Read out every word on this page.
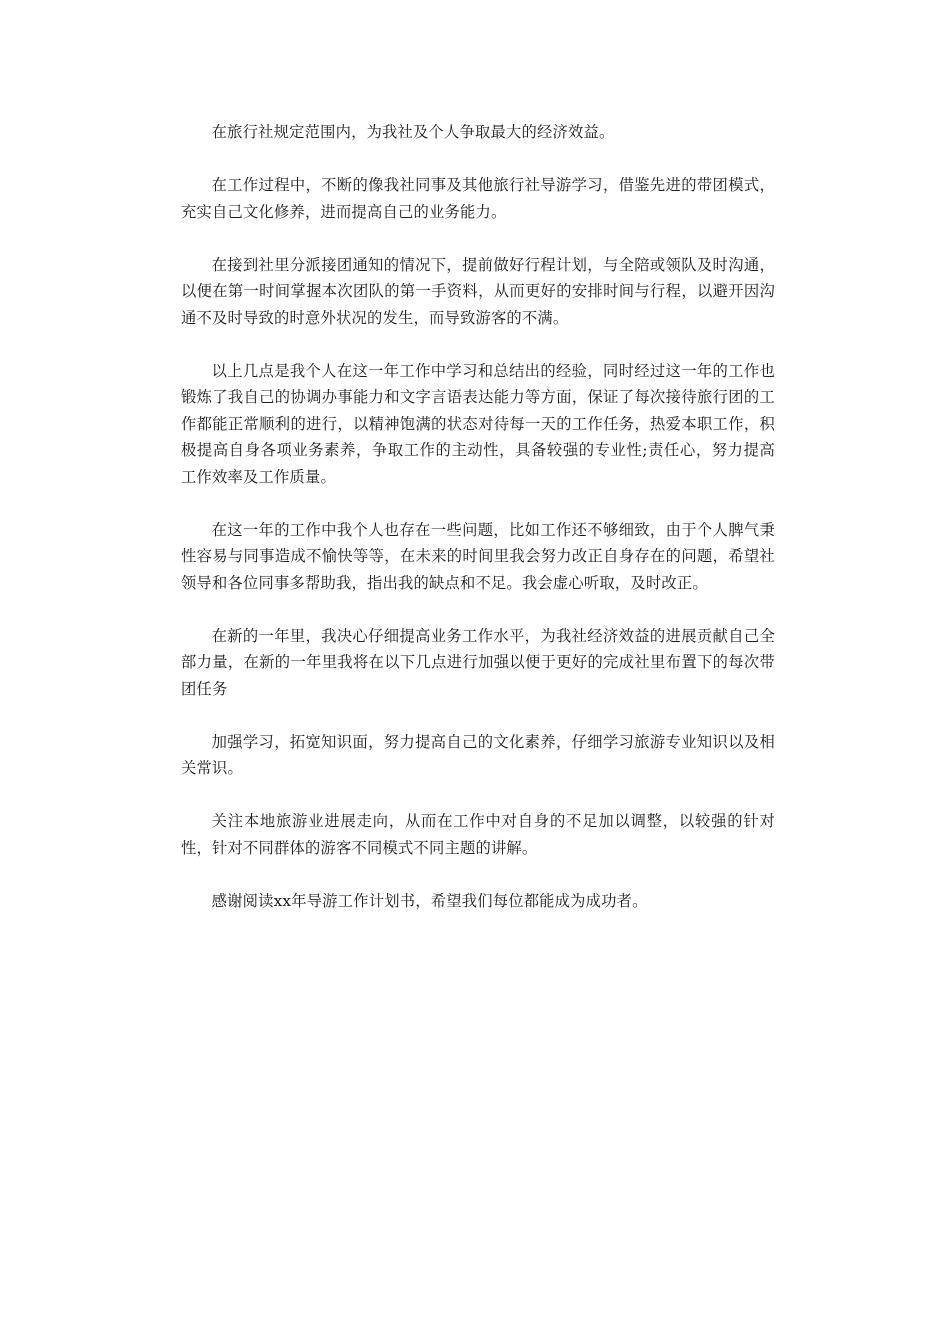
在旅行社规定范围内，为我社及个人争取最大的经济效益。

在工作过程中，不断的像我社同事及其他旅行社导游学习，借鉴先进的带团模式，充实自己文化修养，进而提高自己的业务能力。

在接到社里分派接团通知的情况下，提前做好行程计划，与全陪或领队及时沟通，以便在第一时间掌握本次团队的第一手资料，从而更好的安排时间与行程，以避开因沟通不及时导致的时意外状况的发生，而导致游客的不满。

以上几点是我个人在这一年工作中学习和总结出的经验，同时经过这一年的工作也锻炼了我自己的协调办事能力和文字言语表达能力等方面，保证了每次接待旅行团的工作都能正常顺利的进行，以精神饱满的状态对待每一天的工作任务，热爱本职工作，积极提高自身各项业务素养，争取工作的主动性，具备较强的专业性;责任心，努力提高工作效率及工作质量。

在这一年的工作中我个人也存在一些问题，比如工作还不够细致，由于个人脾气秉性容易与同事造成不愉快等等，在未来的时间里我会努力改正自身存在的问题，希望社领导和各位同事多帮助我，指出我的缺点和不足。我会虚心听取，及时改正。

在新的一年里，我决心仔细提高业务工作水平，为我社经济效益的进展贡献自己全部力量，在新的一年里我将在以下几点进行加强以便于更好的完成社里布置下的每次带团任务

加强学习，拓宽知识面，努力提高自己的文化素养，仔细学习旅游专业知识以及相关常识。

关注本地旅游业进展走向，从而在工作中对自身的不足加以调整，以较强的针对性，针对不同群体的游客不同模式不同主题的讲解。

感谢阅读xx年导游工作计划书，希望我们每位都能成为成功者。
